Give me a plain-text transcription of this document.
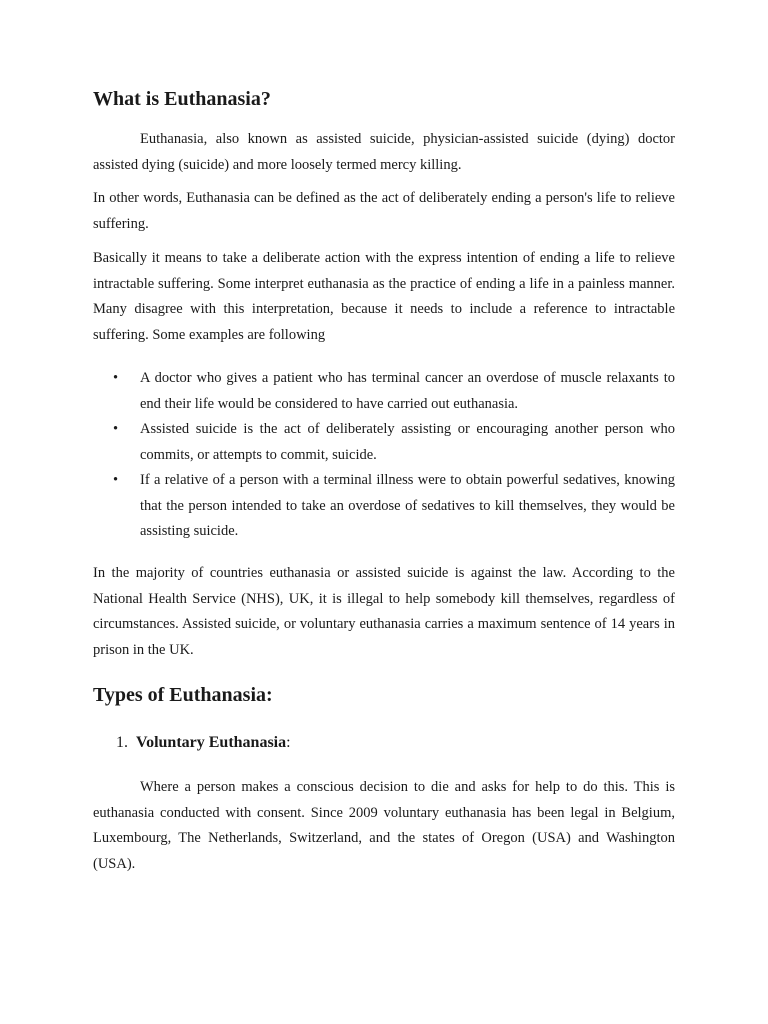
What is Euthanasia?

Euthanasia, also known as assisted suicide, physician-assisted suicide (dying) doctor assisted dying (suicide) and more loosely termed mercy killing.

In other words, Euthanasia can be defined as the act of deliberately ending a person's life to relieve suffering.

Basically it means to take a deliberate action with the express intention of ending a life to relieve intractable suffering. Some interpret euthanasia as the practice of ending a life in a painless manner. Many disagree with this interpretation, because it needs to include a reference to intractable suffering. Some examples are following

• A doctor who gives a patient who has terminal cancer an overdose of muscle relaxants to end their life would be considered to have carried out euthanasia.
• Assisted suicide is the act of deliberately assisting or encouraging another person who commits, or attempts to commit, suicide.
• If a relative of a person with a terminal illness were to obtain powerful sedatives, knowing that the person intended to take an overdose of sedatives to kill themselves, they would be assisting suicide.

In the majority of countries euthanasia or assisted suicide is against the law. According to the National Health Service (NHS), UK, it is illegal to help somebody kill themselves, regardless of circumstances. Assisted suicide, or voluntary euthanasia carries a maximum sentence of 14 years in prison in the UK.

Types of Euthanasia:
1. Voluntary Euthanasia:

Where a person makes a conscious decision to die and asks for help to do this. This is euthanasia conducted with consent. Since 2009 voluntary euthanasia has been legal in Belgium, Luxembourg, The Netherlands, Switzerland, and the states of Oregon (USA) and Washington (USA).
